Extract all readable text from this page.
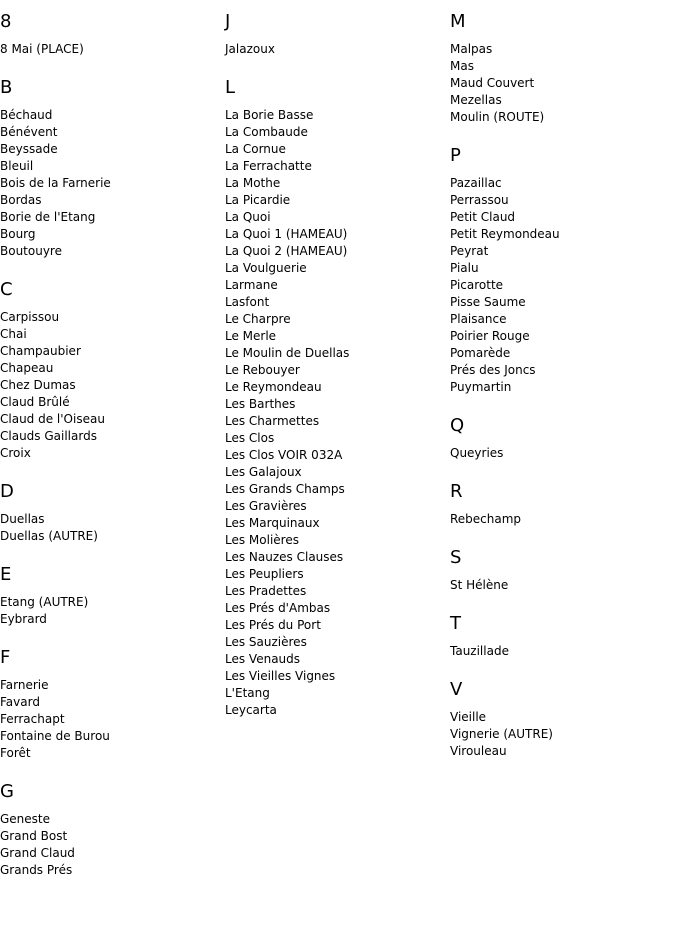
8
8 Mai (PLACE)
B
Béchaud
Bénévent
Beyssade
Bleuil
Bois de la Farnerie
Bordas
Borie de l'Etang
Bourg
Boutouyre
C
Carpissou
Chai
Champaubier
Chapeau
Chez Dumas
Claud Brûlé
Claud de l'Oiseau
Clauds Gaillards
Croix
D
Duellas
Duellas (AUTRE)
E
Etang (AUTRE)
Eybrard
F
Farnerie
Favard
Ferrachapt
Fontaine de Burou
Forêt
G
Geneste
Grand Bost
Grand Claud
Grands Prés
J
Jalazoux
L
La Borie Basse
La Combaude
La Cornue
La Ferrachatte
La Mothe
La Picardie
La Quoi
La Quoi 1 (HAMEAU)
La Quoi 2 (HAMEAU)
La Voulguerie
Larmane
Lasfont
Le Charpre
Le Merle
Le Moulin de Duellas
Le Rebouyer
Le Reymondeau
Les Barthes
Les Charmettes
Les Clos
Les Clos VOIR 032A
Les Galajoux
Les Grands Champs
Les Gravières
Les Marquinaux
Les Molières
Les Nauzes Clauses
Les Peupliers
Les Pradettes
Les Prés d'Ambas
Les Prés du Port
Les Sauzières
Les Venauds
Les Vieilles Vignes
L'Etang
Leycarta
M
Malpas
Mas
Maud Couvert
Mezellas
Moulin (ROUTE)
P
Pazaillac
Perrassou
Petit Claud
Petit Reymondeau
Peyrat
Pialu
Picarotte
Pisse Saume
Plaisance
Poirier Rouge
Pomarède
Prés des Joncs
Puymartin
Q
Queyries
R
Rebechamp
S
St Hélène
T
Tauzillade
V
Vieille
Vignerie (AUTRE)
Virouleau
